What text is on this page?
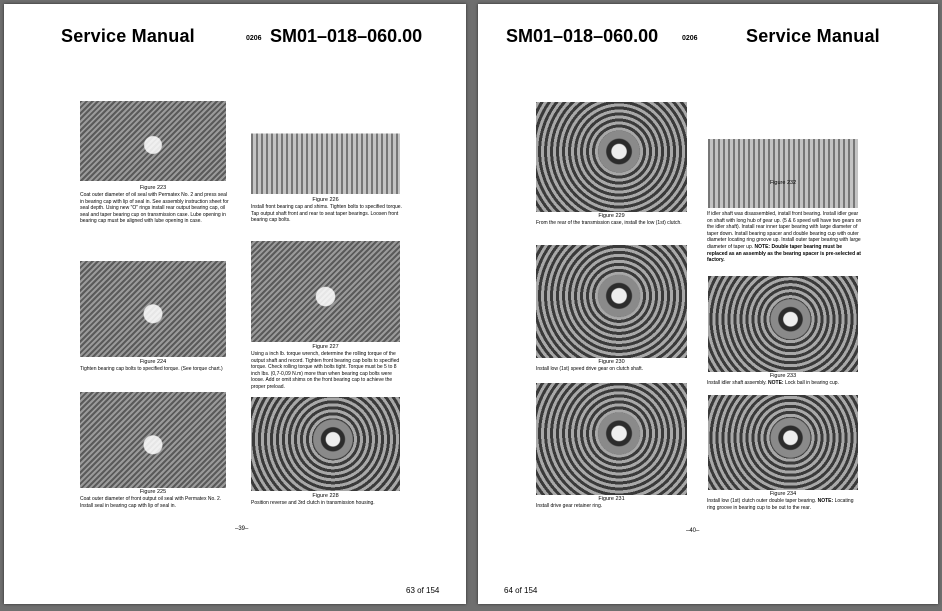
Service Manual	0206 SM01–018–060.00
Figure 223
Coat outer diameter of oil seal with Permatex No. 2 and press seal in bearing cap with lip of seal in. See assembly instruction sheet for seal depth. Using new "O" rings install rear output bearing cap, oil seal and taper bearing cup on transmission case. Lube opening in bearing cap must be aligned with lube opening in case.
Figure 224
Tighten bearing cap bolts to specified torque. (See torque chart.)
Figure 225
Coat outer diameter of front output oil seal with Permatex No. 2. Install seal in bearing cap with lip of seal in.
Figure 226
Install front bearing cap and shims. Tighten bolts to specified torque. Tap output shaft front and rear to seat taper bearings. Loosen front bearing cap bolts.
Figure 227
Using a inch lb. torque wrench, determine the rolling torque of the output shaft and record. Tighten front bearing cap bolts to specified torque. Check rolling torque with bolts tight. Torque must be 5 to 8 inch lbs. (0,7-0,09 N.m) more than when bearing cap bolts were loose. Add or omit shims on the front bearing cap to achieve the proper preload.
Figure 228
Position reverse and 3rd clutch in transmission housing.
–39–
63 of 154
SM01–018–060.00	0206	Service Manual
Figure 229
From the rear of the transmission case, install the low (1st) clutch.
Figure 230
Install low (1st) speed drive gear on clutch shaft.
Figure 231
Install drive gear retainer ring.
Figure 232
If idler shaft was disassembled, install front bearing. Install idler gear on shaft with long hub of gear up. (5 & 6 speed will have two gears on the idler shaft). Install rear inner taper bearing with large diameter of taper down. Install bearing spacer and double bearing cup with outer diameter locating ring groove up. Install outer taper bearing with large diameter of taper up. NOTE: Double taper bearing must be replaced as an assembly as the bearing spacer is pre-selected at factory.
Figure 233
Install idler shaft assembly. NOTE: Lock ball in bearing cup.
Figure 234
Install low (1st) clutch outer double taper bearing. NOTE: Locating ring groove in bearing cup to be out to the rear.
–40–
64 of 154
